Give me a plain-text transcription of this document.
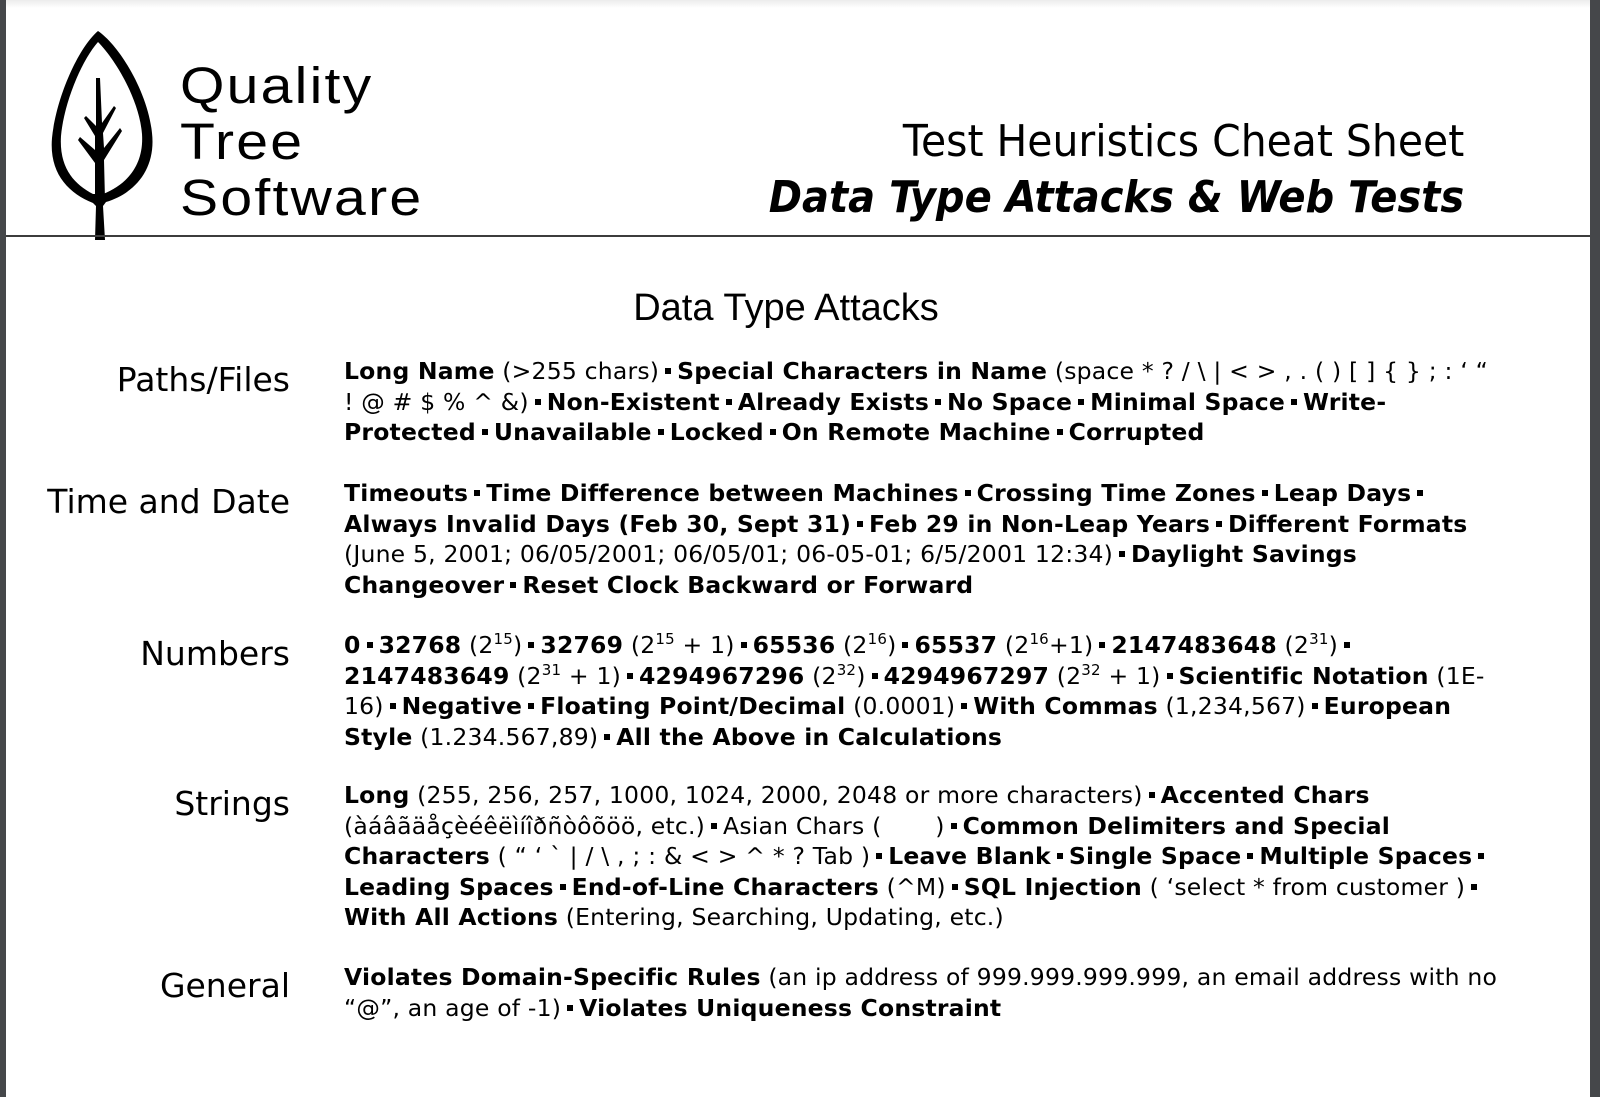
Quality
Tree
Software
Test Heuristics Cheat Sheet
Data Type Attacks & Web Tests
Data Type Attacks
Paths/Files Long Name (>255 chars) Special Characters in Name (space * ? / \ | < > , . ( ) [ ] { } ; : ‘ “ ! @ # $ % ^ &) Non-Existent Already Exists No Space Minimal Space Write-Protected Unavailable Locked On Remote Machine Corrupted
Time and Date Timeouts Time Difference between Machines Crossing Time Zones Leap DaysAlways Invalid Days (Feb 30, Sept 31) Feb 29 in Non-Leap Years Different Formats (June 5, 2001; 06/05/2001; 06/05/01; 06-05-01; 6/5/2001 12:34) Daylight Savings Changeover Reset Clock Backward or Forward
Numbers 0 32768 $(2^{15})$ 32769 $(2^{15} + 1)$ 65536 $(2^{16})$ 65537 $(2^{16}+1)$ 2147483648 $(2^{31})2147483649$ $(2^{31} + 1)$ 4294967296 $(2^{32})$ 4294967297 $(2^{32} + 1)$ Scientific Notation (1E-16) Negative Floating Point/Decimal (0.0001) With Commas (1,234,567) European Style (1.234.567,89) All the Above in Calculations
Strings Long (255, 256, 257, 1000, 1024, 2000, 2048 or more characters) Accented Chars (àáâãäåçèéêëìíîðñòôõöö, etc.) Asian Chars (       ) Common Delimiters and Special Characters ( “ ‘ ` | / \ , ; : & < > ^ * ? Tab ) Leave Blank Single Space Multiple SpacesLeading Spaces End-of-Line Characters (^M) SQL Injection ( ‘select * from customer )With All Actions (Entering, Searching, Updating, etc.)
General Violates Domain-Specific Rules (an ip address of 999.999.999.999, an email address with no “@”, an age of -1) Violates Uniqueness Constraint
